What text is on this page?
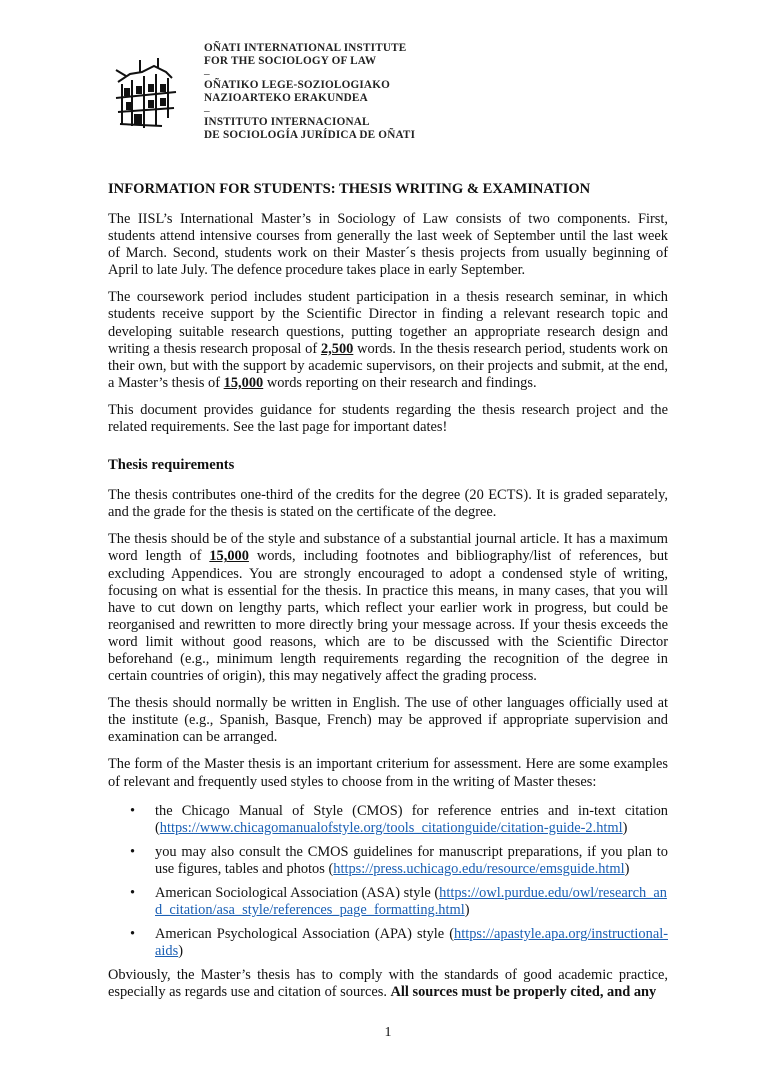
OÑATI INTERNATIONAL INSTITUTE
FOR THE SOCIOLOGY OF LAW
–
OÑATIKO LEGE-SOZIOLOGIAKO
NAZIOARTEKO ERAKUNDEA
–
INSTITUTO INTERNACIONAL
DE SOCIOLOGÍA JURÍDICA DE OÑATI
INFORMATION FOR STUDENTS: THESIS WRITING & EXAMINATION
The IISL’s International Master’s in Sociology of Law consists of two components. First, students attend intensive courses from generally the last week of September until the last week of March. Second, students work on their Master´s thesis projects from usually beginning of April to late July. The defence procedure takes place in early September.
The coursework period includes student participation in a thesis research seminar, in which students receive support by the Scientific Director in finding a relevant research topic and developing suitable research questions, putting together an appropriate research design and writing a thesis research proposal of 2,500 words. In the thesis research period, students work on their own, but with the support by academic supervisors, on their projects and submit, at the end, a Master’s thesis of 15,000 words reporting on their research and findings.
This document provides guidance for students regarding the thesis research project and the related requirements. See the last page for important dates!
Thesis requirements
The thesis contributes one-third of the credits for the degree (20 ECTS). It is graded separately, and the grade for the thesis is stated on the certificate of the degree.
The thesis should be of the style and substance of a substantial journal article. It has a maximum word length of 15,000 words, including footnotes and bibliography/list of references, but excluding Appendices. You are strongly encouraged to adopt a condensed style of writing, focusing on what is essential for the thesis. In practice this means, in many cases, that you will have to cut down on lengthy parts, which reflect your earlier work in progress, but could be reorganised and rewritten to more directly bring your message across. If your thesis exceeds the word limit without good reasons, which are to be discussed with the Scientific Director beforehand (e.g., minimum length requirements regarding the recognition of the degree in certain countries of origin), this may negatively affect the grading process.
The thesis should normally be written in English. The use of other languages officially used at the institute (e.g., Spanish, Basque, French) may be approved if appropriate supervision and examination can be arranged.
The form of the Master thesis is an important criterium for assessment. Here are some examples of relevant and frequently used styles to choose from in the writing of Master theses:
• the Chicago Manual of Style (CMOS) for reference entries and in-text citation (https://www.chicagomanualofstyle.org/tools_citationguide/citation-guide-2.html)
• you may also consult the CMOS guidelines for manuscript preparations, if you plan to use figures, tables and photos (https://press.uchicago.edu/resource/emsguide.html)
• American Sociological Association (ASA) style (https://owl.purdue.edu/owl/research_and_citation/asa_style/references_page_formatting.html)
• American Psychological Association (APA) style (https://apastyle.apa.org/instructional-aids)
Obviously, the Master’s thesis has to comply with the standards of good academic practice, especially as regards use and citation of sources. All sources must be properly cited, and any
1
